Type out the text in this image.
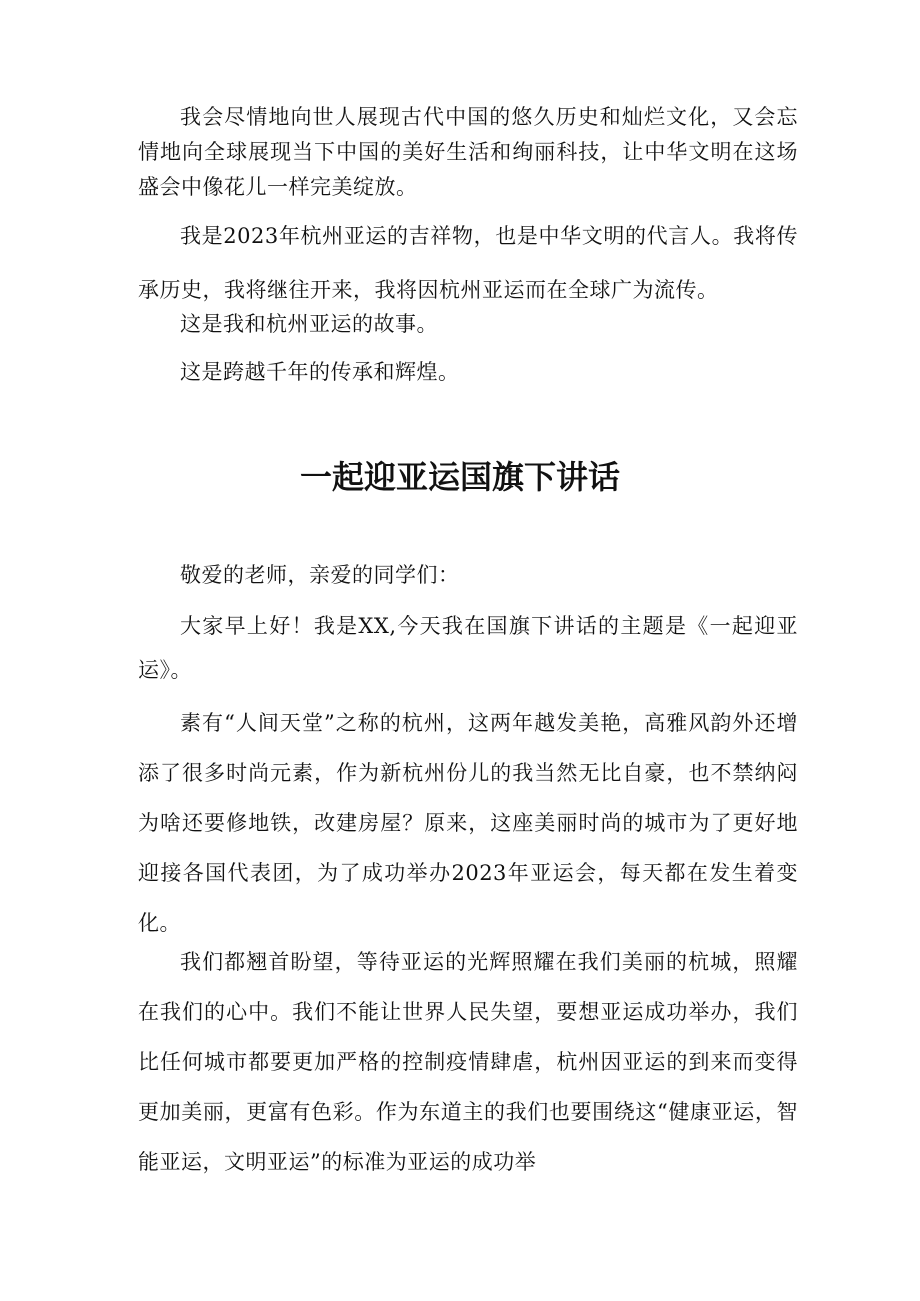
我会尽情地向世人展现古代中国的悠久历史和灿烂文化，又会忘情地向全球展现当下中国的美好生活和绚丽科技，让中华文明在这场盛会中像花儿一样完美绽放。

我是2023年杭州亚运的吉祥物，也是中华文明的代言人。我将传承历史，我将继往开来，我将因杭州亚运而在全球广为流传。

这是我和杭州亚运的故事。

这是跨越千年的传承和辉煌。

一起迎亚运国旗下讲话

敬爱的老师，亲爱的同学们：

大家早上好！我是XX,今天我在国旗下讲话的主题是《一起迎亚运》。

素有“人间天堂”之称的杭州，这两年越发美艳，高雅风韵外还增添了很多时尚元素，作为新杭州份儿的我当然无比自豪，也不禁纳闷为啥还要修地铁，改建房屋？原来，这座美丽时尚的城市为了更好地迎接各国代表团，为了成功举办2023年亚运会，每天都在发生着变化。

我们都翘首盼望，等待亚运的光辉照耀在我们美丽的杭城，照耀在我们的心中。我们不能让世界人民失望，要想亚运成功举办，我们比任何城市都要更加严格的控制疫情肆虐，杭州因亚运的到来而变得更加美丽，更富有色彩。作为东道主的我们也要围绕这“健康亚运，智能亚运，文明亚运”的标准为亚运的成功举
